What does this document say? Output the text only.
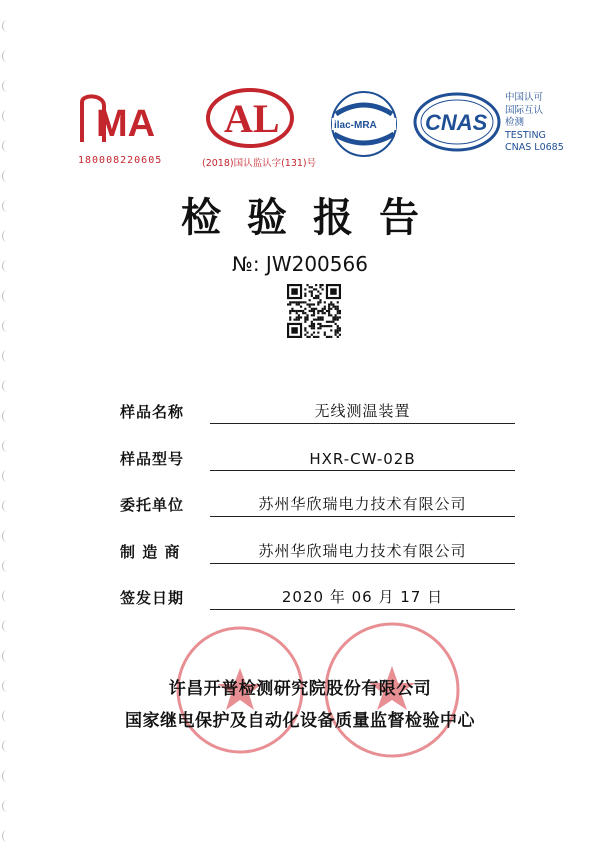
MA
180008220605
AL
(2018)国认监认字(131)号
ilac-MRA CNAS
中国认可
国际互认
检测
TESTING
CNAS L0685
检验报告
№: JW200566
样品名称	无线测温装置
样品型号	HXR-CW-02B
委托单位	苏州华欣瑞电力技术有限公司
制 造 商	苏州华欣瑞电力技术有限公司
签发日期	2020 年 06 月 17 日
许昌开普检测研究院股份有限公司
国家继电保护及自动化设备质量监督检验中心
